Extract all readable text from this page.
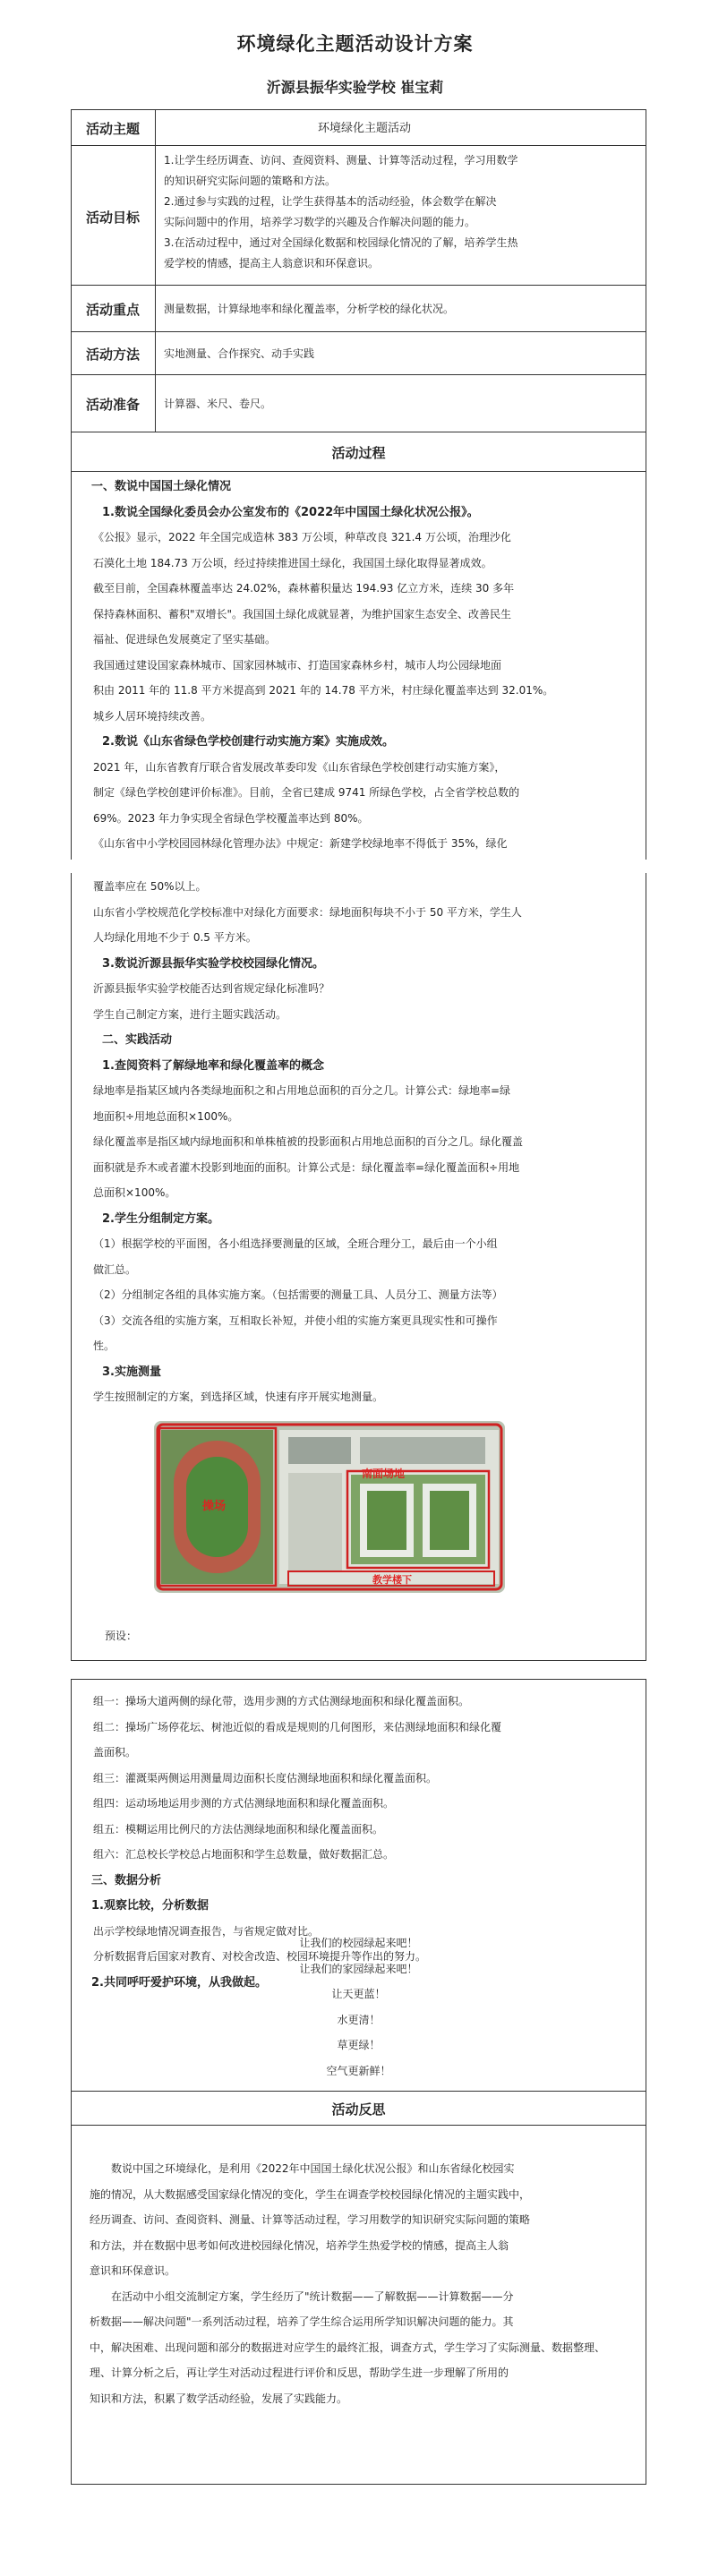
环境绿化主题活动设计方案
沂源县振华实验学校 崔宝莉
活动主题	环境绿化主题活动
活动目标
1.让学生经历调查、访问、查阅资料、测量、计算等活动过程，学习用数学
的知识研究实际问题的策略和方法。
2.通过参与实践的过程，让学生获得基本的活动经验，体会数学在解决
实际问题中的作用，培养学习数学的兴趣及合作解决问题的能力。
3.在活动过程中，通过对全国绿化数据和校园绿化情况的了解，培养学生热
爱学校的情感，提高主人翁意识和环保意识。
活动重点	测量数据，计算绿地率和绿化覆盖率，分析学校的绿化状况。
活动方法	实地测量、合作探究、动手实践
活动准备	计算器、米尺、卷尺。
活动过程
一、数说中国国土绿化情况
1.数说全国绿化委员会办公室发布的《2022年中国国土绿化状况公报》。
《公报》显示，2022 年全国完成造林 383 万公顷，种草改良 321.4 万公顷，治理沙化
石漠化土地 184.73 万公顷，经过持续推进国土绿化，我国国土绿化取得显著成效。
截至目前，全国森林覆盖率达 24.02%，森林蓄积量达 194.93 亿立方米，连续 30 多年
保持森林面积、蓄积"双增长"。我国国土绿化成就显著，为维护国家生态安全、改善民生
福祉、促进绿色发展奠定了坚实基础。
我国通过建设国家森林城市、国家园林城市、打造国家森林乡村，城市人均公园绿地面
积由 2011 年的 11.8 平方米提高到 2021 年的 14.78 平方米，村庄绿化覆盖率达到 32.01%。
城乡人居环境持续改善。
2.数说《山东省绿色学校创建行动实施方案》实施成效。
2021 年，山东省教育厅联合省发展改革委印发《山东省绿色学校创建行动实施方案》，
制定《绿色学校创建评价标准》。目前，全省已建成 9741 所绿色学校，占全省学校总数的
69%。2023 年力争实现全省绿色学校覆盖率达到 80%。
《山东省中小学校园园林绿化管理办法》中规定：新建学校绿地率不得低于 35%，绿化
覆盖率应在 50%以上。
山东省小学校规范化学校标准中对绿化方面要求：绿地面积每块不小于 50 平方米，学生人
人均绿化用地不少于 0.5 平方米。
3.数说沂源县振华实验学校校园绿化情况。
沂源县振华实验学校能否达到省规定绿化标准吗？
学生自己制定方案，进行主题实践活动。
二、实践活动
1.查阅资料了解绿地率和绿化覆盖率的概念
绿地率是指某区域内各类绿地面积之和占用地总面积的百分之几。计算公式：绿地率=绿
地面积÷用地总面积×100%。
绿化覆盖率是指区域内绿地面积和单株植被的投影面积占用地总面积的百分之几。绿化覆盖
面积就是乔木或者灌木投影到地面的面积。计算公式是：绿化覆盖率=绿化覆盖面积÷用地
总面积×100%。
2.学生分组制定方案。
（1）根据学校的平面图，各小组选择要测量的区域，全班合理分工，最后由一个小组
做汇总。
（2）分组制定各组的具体实施方案。（包括需要的测量工具、人员分工、测量方法等）
（3）交流各组的实施方案，互相取长补短，并使小组的实施方案更具现实性和可操作
性。
3.实施测量
学生按照制定的方案，到选择区域，快速有序开展实地测量。
南面场地
操场
教学楼下
预设：
组一：操场大道两侧的绿化带，选用步测的方式估测绿地面积和绿化覆盖面积。
组二：操场广场停花坛、树池近似的看成是规则的几何图形，来估测绿地面积和绿化覆
盖面积。
组三：灌溉渠两侧运用测量周边面积长度估测绿地面积和绿化覆盖面积。
组四：运动场地运用步测的方式估测绿地面积和绿化覆盖面积。
组五：模糊运用比例尺的方法估测绿地面积和绿化覆盖面积。
组六：汇总校长学校总占地面积和学生总数量，做好数据汇总。
三、数据分析
1.观察比较，分析数据
出示学校绿地情况调查报告，与省规定做对比。
分析数据背后国家对教育、对校舍改造、校园环境提升等作出的努力。
2.共同呼吁爱护环境，从我做起。
让我们的校园绿起来吧！
让我们的家园绿起来吧！
让天更蓝！
水更清！
草更绿！
空气更新鲜！
活动反思
数说中国之环境绿化，是利用《2022年中国国土绿化状况公报》和山东省绿化校园实
施的情况，从大数据感受国家绿化情况的变化，学生在调查学校校园绿化情况的主题实践中，
经历调查、访问、查阅资料、测量、计算等活动过程，学习用数学的知识研究实际问题的策略
和方法，并在数据中思考如何改进校园绿化情况，培养学生热爱学校的情感，提高主人翁
意识和环保意识。
在活动中小组交流制定方案，学生经历了"统计数据——了解数据——计算数据——分
析数据——解决问题"一系列活动过程，培养了学生综合运用所学知识解决问题的能力。其
中，解决困难、出现问题和部分的数据进对应学生的最终汇报，调查方式，学生学习了实际测量、数据整理、
理、计算分析之后，再让学生对活动过程进行评价和反思，帮助学生进一步理解了所用的
知识和方法，积累了数学活动经验，发展了实践能力。
